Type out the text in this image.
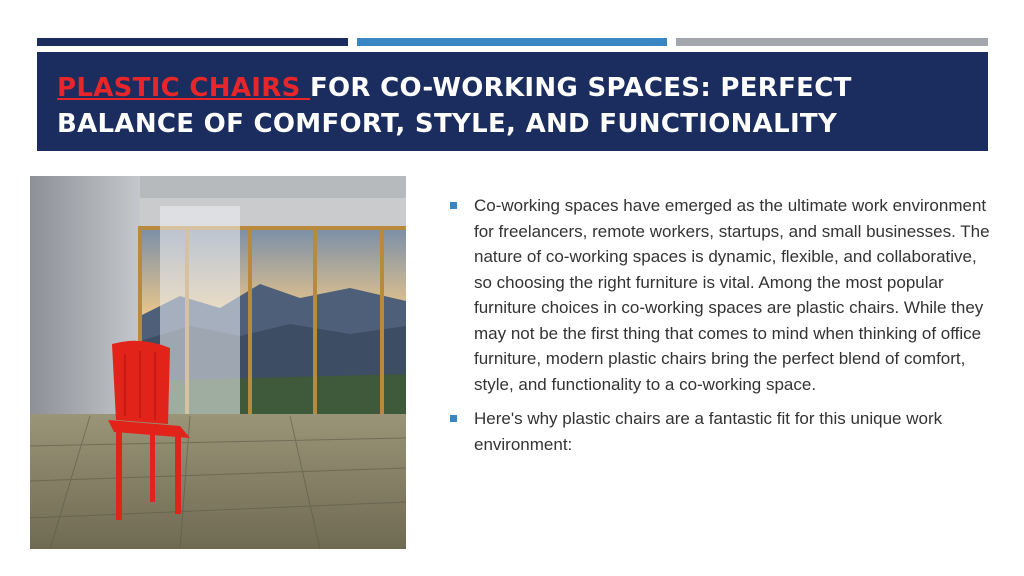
PLASTIC CHAIRS FOR CO-WORKING SPACES: PERFECT BALANCE OF COMFORT, STYLE, AND FUNCTIONALITY
Co-working spaces have emerged as the ultimate work environment for freelancers, remote workers, startups, and small businesses. The nature of co-working spaces is dynamic, flexible, and collaborative, so choosing the right furniture is vital. Among the most popular furniture choices in co-working spaces are plastic chairs. While they may not be the first thing that comes to mind when thinking of office furniture, modern plastic chairs bring the perfect blend of comfort, style, and functionality to a co-working space.
Here's why plastic chairs are a fantastic fit for this unique work environment:
